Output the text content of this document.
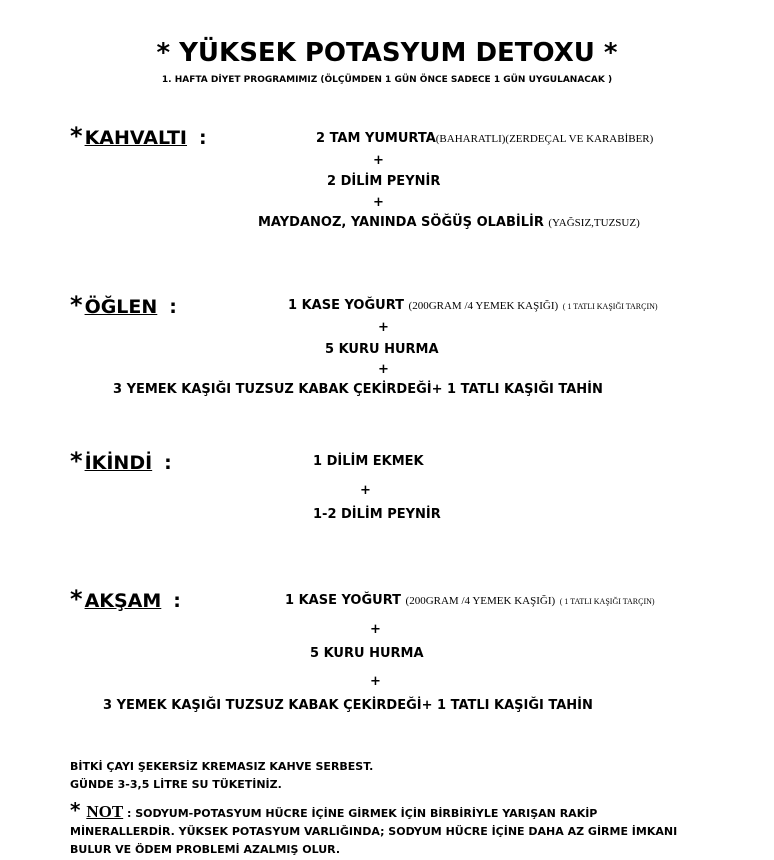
* YÜKSEK POTASYUM DETOXU *
1. HAFTA DİYET PROGRAMIMIZ (ÖLÇÜMDEN 1 GÜN ÖNCE SADECE 1 GÜN UYGULANACAK )
* KAHVALTI :	2 TAM YUMURTA(BAHARATLI)(ZERDEÇAL VE KARABİBER)
+
2 DİLİM PEYNİR
+
MAYDANOZ, YANINDA SÖĞÜŞ OLABİLİR (YAĞSIZ,TUZSUZ)
* ÖĞLEN :	1 KASE YOĞURT (200GRAM /4 YEMEK KAŞIĞI) ( 1 TATLI KAŞIĞI TARÇIN)
+
5 KURU HURMA
+
3 YEMEK KAŞIĞI TUZSUZ KABAK ÇEKİRDEĞİ+ 1 TATLI KAŞIĞI TAHİN
* İKİNDİ :	1 DİLİM EKMEK
+
1-2 DİLİM PEYNİR
* AKŞAM :	1 KASE YOĞURT (200GRAM /4 YEMEK KAŞIĞI) ( 1 TATLI KAŞIĞI TARÇIN)
+
5 KURU HURMA
+
3 YEMEK KAŞIĞI TUZSUZ KABAK ÇEKİRDEĞİ+ 1 TATLI KAŞIĞI TAHİN
BİTKİ ÇAYI ŞEKERSİZ KREMASIZ KAHVE SERBEST.
GÜNDE 3-3,5 LİTRE SU TÜKETİNİZ.
* NOT : SODYUM-POTASYUM HÜCRE İÇİNE GİRMEK İÇİN BİRBİRİYLE YARIŞAN RAKİP
MİNERALLERDİR. YÜKSEK POTASYUM VARLIĞINDA; SODYUM HÜCRE İÇİNE DAHA AZ GİRME İMKANI
BULUR VE ÖDEM PROBLEMİ AZALMIŞ OLUR.
